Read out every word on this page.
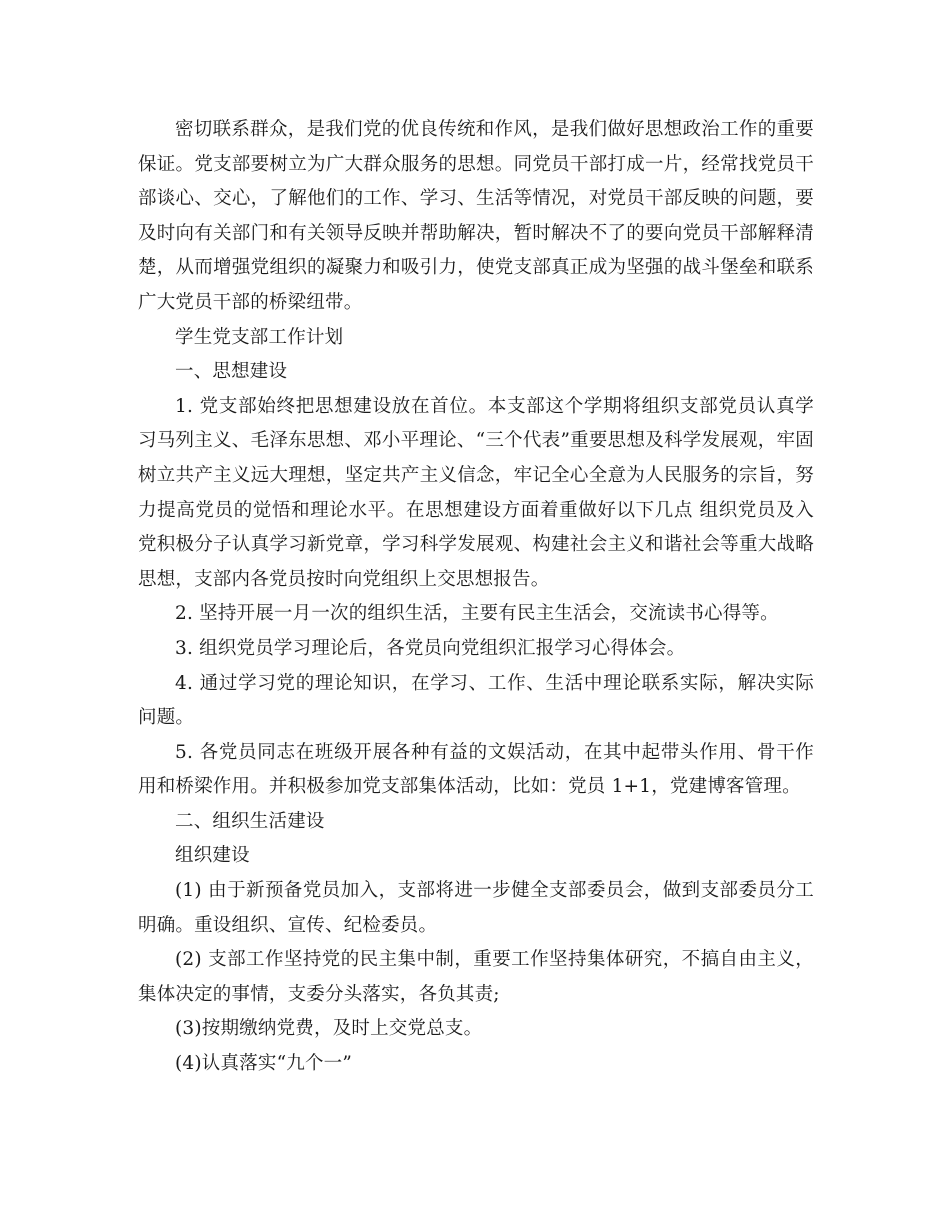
密切联系群众，是我们党的优良传统和作风，是我们做好思想政治工作的重要保证。党支部要树立为广大群众服务的思想。同党员干部打成一片，经常找党员干部谈心、交心，了解他们的工作、学习、生活等情况，对党员干部反映的问题，要及时向有关部门和有关领导反映并帮助解决，暂时解决不了的要向党员干部解释清楚，从而增强党组织的凝聚力和吸引力，使党支部真正成为坚强的战斗堡垒和联系广大党员干部的桥梁纽带。

学生党支部工作计划

一、思想建设

1. 党支部始终把思想建设放在首位。本支部这个学期将组织支部党员认真学习马列主义、毛泽东思想、邓小平理论、“三个代表”重要思想及科学发展观，牢固树立共产主义远大理想，坚定共产主义信念，牢记全心全意为人民服务的宗旨，努力提高党员的觉悟和理论水平。在思想建设方面着重做好以下几点 组织党员及入党积极分子认真学习新党章，学习科学发展观、构建社会主义和谐社会等重大战略思想，支部内各党员按时向党组织上交思想报告。

2. 坚持开展一月一次的组织生活，主要有民主生活会，交流读书心得等。

3. 组织党员学习理论后，各党员向党组织汇报学习心得体会。

4. 通过学习党的理论知识，在学习、工作、生活中理论联系实际，解决实际问题。

5. 各党员同志在班级开展各种有益的文娱活动，在其中起带头作用、骨干作用和桥梁作用。并积极参加党支部集体活动，比如：党员 1+1，党建博客管理。

二、组织生活建设

组织建设

(1) 由于新预备党员加入，支部将进一步健全支部委员会，做到支部委员分工明确。重设组织、宣传、纪检委员。

(2) 支部工作坚持党的民主集中制，重要工作坚持集体研究，不搞自由主义，集体决定的事情，支委分头落实，各负其责;

(3)按期缴纳党费，及时上交党总支。

(4)认真落实“九个一”
